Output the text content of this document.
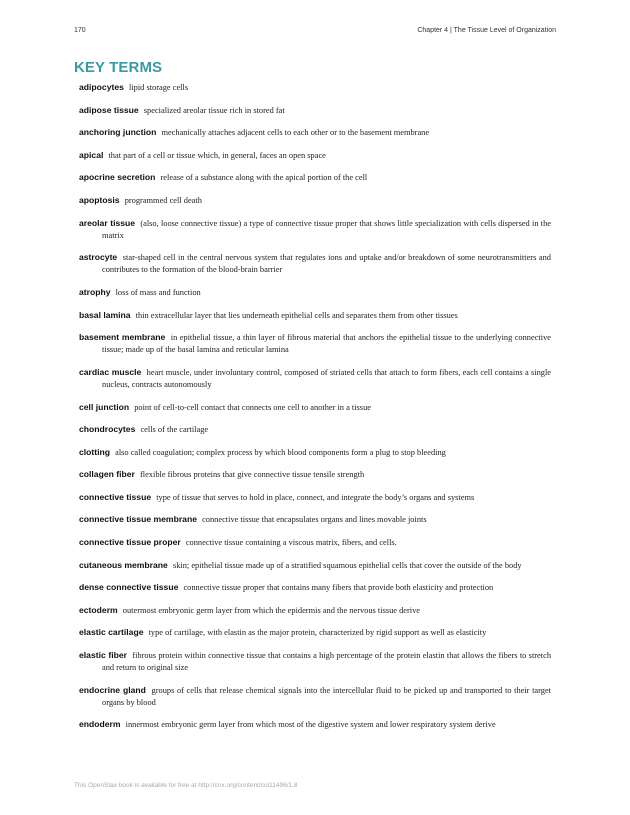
170	Chapter 4 | The Tissue Level of Organization
KEY TERMS
adipocytes lipid storage cells
adipose tissue specialized areolar tissue rich in stored fat
anchoring junction mechanically attaches adjacent cells to each other or to the basement membrane
apical that part of a cell or tissue which, in general, faces an open space
apocrine secretion release of a substance along with the apical portion of the cell
apoptosis programmed cell death
areolar tissue (also, loose connective tissue) a type of connective tissue proper that shows little specialization with cells dispersed in the matrix
astrocyte star-shaped cell in the central nervous system that regulates ions and uptake and/or breakdown of some neurotransmitters and contributes to the formation of the blood-brain barrier
atrophy loss of mass and function
basal lamina thin extracellular layer that lies underneath epithelial cells and separates them from other tissues
basement membrane in epithelial tissue, a thin layer of fibrous material that anchors the epithelial tissue to the underlying connective tissue; made up of the basal lamina and reticular lamina
cardiac muscle heart muscle, under involuntary control, composed of striated cells that attach to form fibers, each cell contains a single nucleus, contracts autonomously
cell junction point of cell-to-cell contact that connects one cell to another in a tissue
chondrocytes cells of the cartilage
clotting also called coagulation; complex process by which blood components form a plug to stop bleeding
collagen fiber flexible fibrous proteins that give connective tissue tensile strength
connective tissue type of tissue that serves to hold in place, connect, and integrate the body’s organs and systems
connective tissue membrane connective tissue that encapsulates organs and lines movable joints
connective tissue proper connective tissue containing a viscous matrix, fibers, and cells.
cutaneous membrane skin; epithelial tissue made up of a stratified squamous epithelial cells that cover the outside of the body
dense connective tissue connective tissue proper that contains many fibers that provide both elasticity and protection
ectoderm outermost embryonic germ layer from which the epidermis and the nervous tissue derive
elastic cartilage type of cartilage, with elastin as the major protein, characterized by rigid support as well as elasticity
elastic fiber fibrous protein within connective tissue that contains a high percentage of the protein elastin that allows the fibers to stretch and return to original size
endocrine gland groups of cells that release chemical signals into the intercellular fluid to be picked up and transported to their target organs by blood
endoderm innermost embryonic germ layer from which most of the digestive system and lower respiratory system derive
This OpenStax book is available for free at http://cnx.org/content/col11496/1.8
